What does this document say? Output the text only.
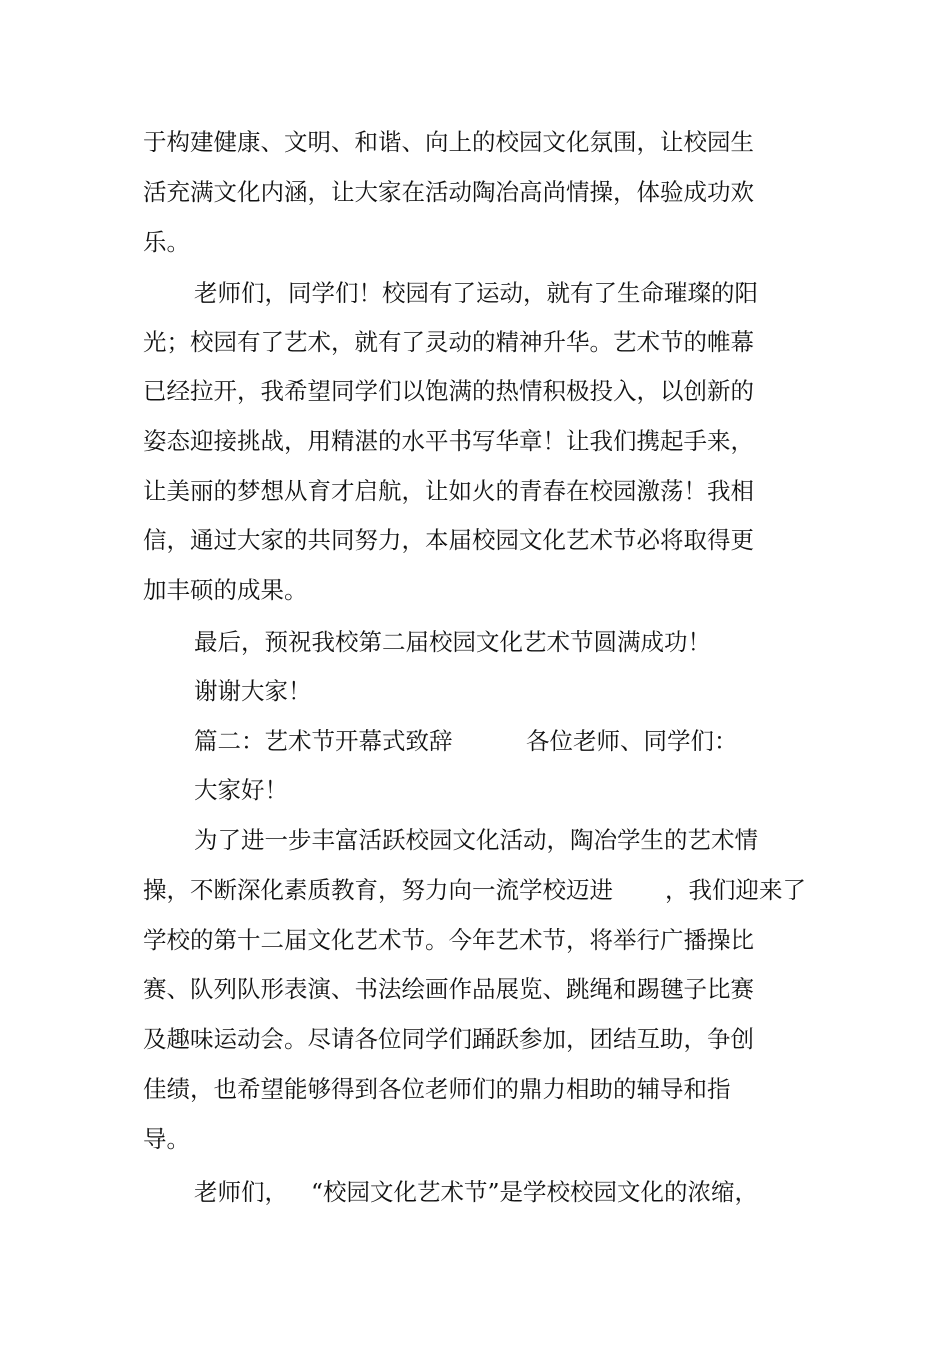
于构建健康、文明、和谐、向上的校园文化氛围，让校园生
活充满文化内涵，让大家在活动陶冶高尚情操，体验成功欢
乐。
老师们，同学们！校园有了运动，就有了生命璀璨的阳
光；校园有了艺术，就有了灵动的精神升华。艺术节的帷幕
已经拉开，我希望同学们以饱满的热情积极投入，以创新的
姿态迎接挑战，用精湛的水平书写华章！让我们携起手来，
让美丽的梦想从育才启航，让如火的青春在校园激荡！我相
信，通过大家的共同努力，本届校园文化艺术节必将取得更
加丰硕的成果。
最后，预祝我校第二届校园文化艺术节圆满成功！
谢谢大家！
篇二：艺术节开幕式致辞	各位老师、同学们：
大家好！
为了进一步丰富活跃校园文化活动，陶冶学生的艺术情
操，不断深化素质教育，努力向一流学校迈进 ，我们迎来了
学校的第十二届文化艺术节。今年艺术节，将举行广播操比
赛、队列队形表演、书法绘画作品展览、跳绳和踢毽子比赛
及趣味运动会。尽请各位同学们踊跃参加，团结互助，争创
佳绩，也希望能够得到各位老师们的鼎力相助的辅导和指
导。
老师们， “校园文化艺术节”是学校校园文化的浓缩，
